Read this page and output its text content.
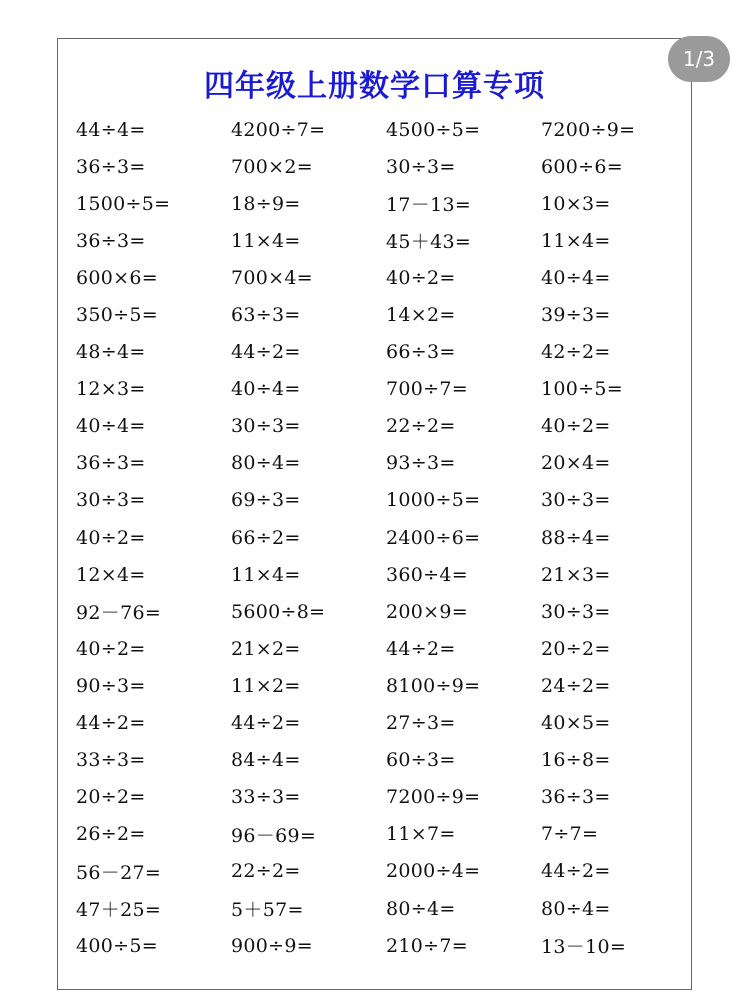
四年级上册数学口算专项
44÷4=	4200÷7=	4500÷5=	7200÷9=
36÷3=	700×2=	30÷3=	600÷6=
1500÷5=	18÷9=	17－13=	10×3=
36÷3=	11×4=	45＋43=	11×4=
600×6=	700×4=	40÷2=	40÷4=
350÷5=	63÷3=	14×2=	39÷3=
48÷4=	44÷2=	66÷3=	42÷2=
12×3=	40÷4=	700÷7=	100÷5=
40÷4=	30÷3=	22÷2=	40÷2=
36÷3=	80÷4=	93÷3=	20×4=
30÷3=	69÷3=	1000÷5=	30÷3=
40÷2=	66÷2=	2400÷6=	88÷4=
12×4=	11×4=	360÷4=	21×3=
92－76=	5600÷8=	200×9=	30÷3=
40÷2=	21×2=	44÷2=	20÷2=
90÷3=	11×2=	8100÷9=	24÷2=
44÷2=	44÷2=	27÷3=	40×5=
33÷3=	84÷4=	60÷3=	16÷8=
20÷2=	33÷3=	7200÷9=	36÷3=
26÷2=	96－69=	11×7=	7÷7=
56－27=	22÷2=	2000÷4=	44÷2=
47＋25=	5＋57=	80÷4=	80÷4=
400÷5=	900÷9=	210÷7=	13－10=
1/3
